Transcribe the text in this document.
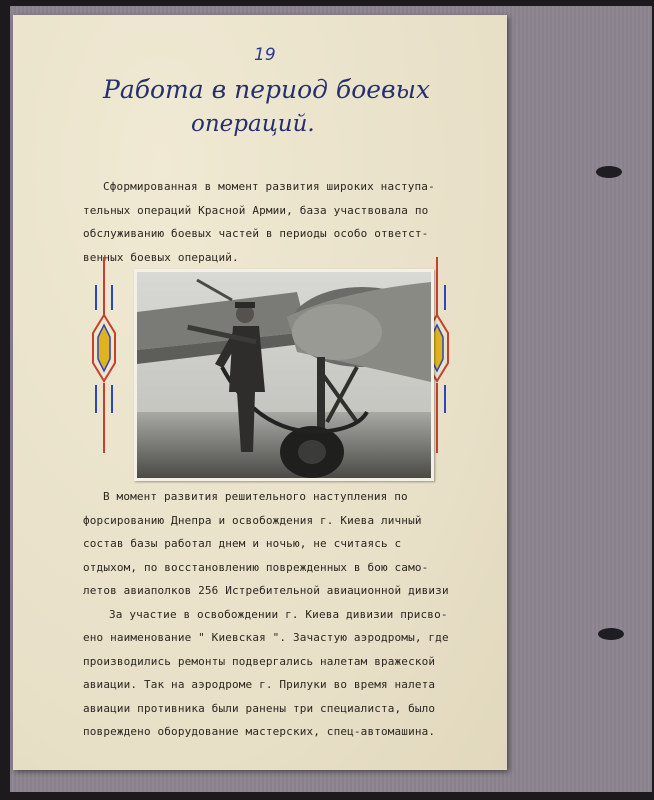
19
Работа в период боевых
операций.
Сформированная в момент развития широких наступа-
тельных операций Красной Армии, база участвовала по
обслуживанию боевых частей в периоды особо ответст-
венных боевых операций.
В момент развития решительного наступления по
форсированию Днепра и освобождения г. Киева личный
состав базы работал днем и ночью, не считаясь с
отдыхом, по восстановлению поврежденных в бою само-
летов авиаполков 256 Истребительной авиационной дивизи
За участие в освобождении г. Киева дивизии присво-
ено наименование " Киевская ". Зачастую аэродромы, где
производились ремонты подвергались налетам вражеской
авиации. Так на аэродроме г. Прилуки во время налета
авиации противника были ранены три специалиста, было
повреждено оборудование мастерских, спец-автомашина.
